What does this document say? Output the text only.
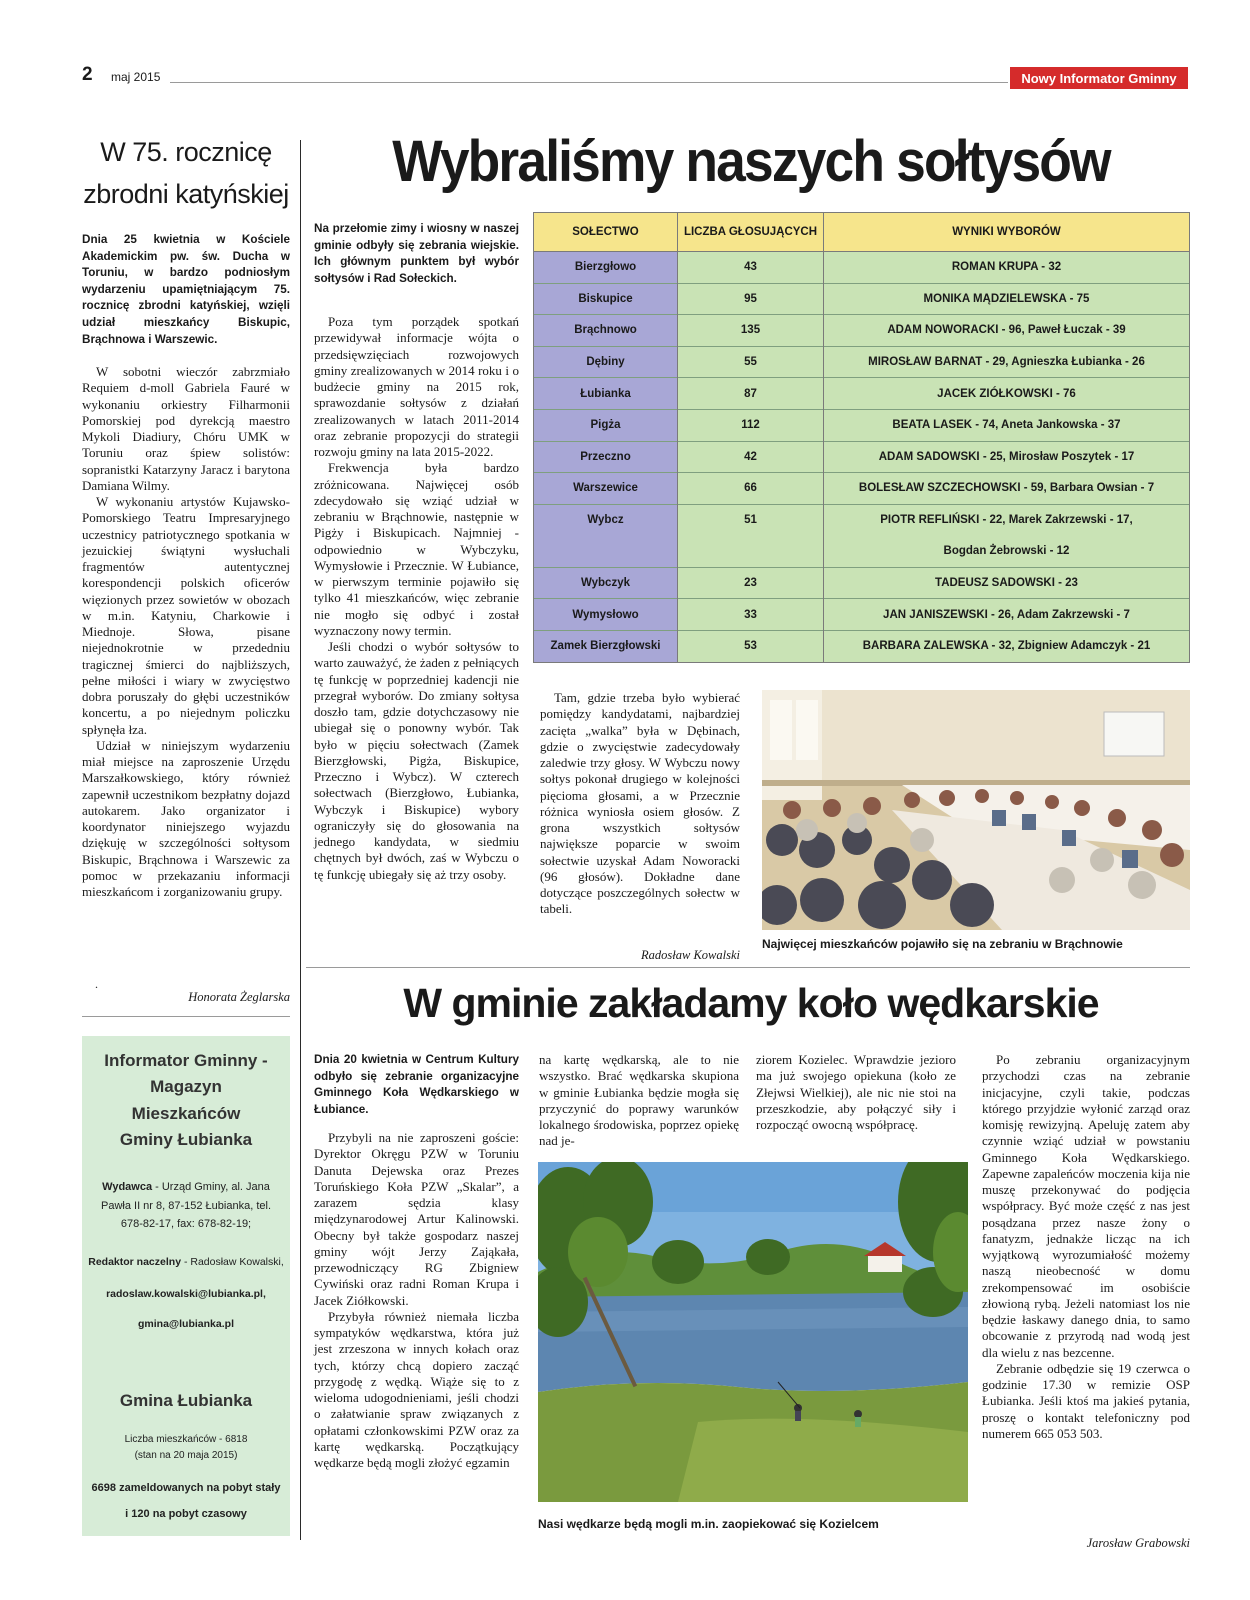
2 maj 2015	Nowy Informator Gminny
W 75. rocznicę
zbrodni katyńskiej
Dnia 25 kwietnia w Kościele Akademickim pw. św. Ducha w Toruniu, w bardzo podniosłym wydarzeniu upamiętniającym 75. rocznicę zbrodni katyńskiej, wzięli udział mieszkańcy Biskupic, Brąchnowa i Warszewic.

W sobotni wieczór zabrzmiało Requiem d-moll Gabriela Fauré w wykonaniu orkiestry Filharmonii Pomorskiej pod dyrekcją maestro Mykoli Diadiury, Chóru UMK w Toruniu oraz śpiew solistów: sopranistki Katarzyny Jaracz i barytona Damiana Wilmy.

W wykonaniu artystów Kujawsko-Pomorskiego Teatru Impresaryjnego uczestnicy patriotycznego spotkania w jezuickiej świątyni wysłuchali fragmentów autentycznej korespondencji polskich oficerów więzionych przez sowietów w obozach w m.in. Katyniu, Charkowie i Miednoje. Słowa, pisane niejednokrotnie w przededniu tragicznej śmierci do najbliższych, pełne miłości i wiary w zwycięstwo dobra poruszały do głębi uczestników koncertu, a po niejednym policzku spłynęła łza.

Udział w niniejszym wydarzeniu miał miejsce na zaproszenie Urzędu Marszałkowskiego, który również zapewnił uczestnikom bezpłatny dojazd autokarem. Jako organizator i koordynator niniejszego wyjazdu dziękuję w szczególności sołtysom Biskupic, Brąchnowa i Warszewic za pomoc w przekazaniu informacji mieszkańcom i zorganizowaniu grupy.

.
Honorata Żeglarska
Informator Gminny -
Magazyn
Mieszkańców
Gminy Łubianka
Wydawca - Urząd Gminy, al. Jana Pawła II nr 8, 87-152 Łubianka, tel. 678-82-17, fax: 678-82-19;
Redaktor naczelny - Radosław Kowalski,
radoslaw.kowalski@lubianka.pl,
gmina@lubianka.pl
Gmina Łubianka
Liczba mieszkańców - 6818
(stan na 20 maja 2015)
6698 zameldowanych na pobyt stały
i 120 na pobyt czasowy
Wybraliśmy naszych sołtysów
Na przełomie zimy i wiosny w naszej gminie odbyły się zebrania wiejskie. Ich głównym punktem był wybór sołtysów i Rad Sołeckich.

Poza tym porządek spotkań przewidywał informacje wójta o przedsięwzięciach rozwojowych gminy zrealizowanych w 2014 roku i o budżecie gminy na 2015 rok, sprawozdanie sołtysów z działań zrealizowanych w latach 2011-2014 oraz zebranie propozycji do strategii rozwoju gminy na lata 2015-2022.

Frekwencja była bardzo zróżnicowana. Najwięcej osób zdecydowało się wziąć udział w zebraniu w Brąchnowie, następnie w Pigży i Biskupicach. Najmniej - odpowiednio w Wybczyku, Wymysłowie i Przecznie. W Łubiance, w pierwszym terminie pojawiło się tylko 41 mieszkańców, więc zebranie nie mogło się odbyć i został wyznaczony nowy termin.

Jeśli chodzi o wybór sołtysów to warto zauważyć, że żaden z pełniących tę funkcję w poprzedniej kadencji nie przegrał wyborów. Do zmiany sołtysa doszło tam, gdzie dotychczasowy nie ubiegał się o ponowny wybór. Tak było w pięciu sołectwach (Zamek Bierzgłowski, Pigża, Biskupice, Przeczno i Wybcz). W czterech sołectwach (Bierzgłowo, Łubianka, Wybczyk i Biskupice) wybory ograniczyły się do głosowania na jednego kandydata, w siedmiu chętnych był dwóch, zaś w Wybczu o tę funkcję ubiegały się aż trzy osoby.

SOŁECTWO	LICZBA GŁOSUJĄCYCH	WYNIKI WYBORÓW
Bierzgłowo	43	ROMAN KRUPA - 32
Biskupice	95	MONIKA MĄDZIELEWSKA - 75
Brąchnowo	135	ADAM NOWORACKI - 96, Paweł Łuczak - 39
Dębiny	55	MIROSŁAW BARNAT - 29, Agnieszka Łubianka - 26
Łubianka	87	JACEK ZIÓŁKOWSKI - 76
Pigża	112	BEATA LASEK - 74, Aneta Jankowska - 37
Przeczno	42	ADAM SADOWSKI - 25, Mirosław Poszytek - 17
Warszewice	66	BOLESŁAW SZCZECHOWSKI - 59, Barbara Owsian - 7
Wybcz	51	PIOTR REFLIŃSKI - 22, Marek Zakrzewski - 17,
Bogdan Żebrowski - 12

Wybczyk	23	TADEUSZ SADOWSKI - 23
Wymysłowo	33	JAN JANISZEWSKI - 26, Adam Zakrzewski - 7
Zamek Bierzgłowski	53	BARBARA ZALEWSKA - 32, Zbigniew Adamczyk - 21

Tam, gdzie trzeba było wybierać pomiędzy kandydatami, najbardziej zacięta „walka” była w Dębinach, gdzie o zwycięstwie zadecydowały zaledwie trzy głosy. W Wybczu nowy sołtys pokonał drugiego w kolejności pięcioma głosami, a w Przecznie różnica wyniosła osiem głosów. Z grona wszystkich sołtysów największe poparcie w swoim sołectwie uzyskał Adam Noworacki (96 głosów). Dokładne dane dotyczące poszczególnych sołectw w tabeli.

Radosław Kowalski
Najwięcej mieszkańców pojawiło się na zebraniu w Brąchnowie
W gminie zakładamy koło wędkarskie
Dnia 20 kwietnia w Centrum Kultury odbyło się zebranie organizacyjne Gminnego Koła Wędkarskiego w Łubiance.

Przybyli na nie zaproszeni goście: Dyrektor Okręgu PZW w Toruniu Danuta Dejewska oraz Prezes Toruńskiego Koła PZW „Skalar”, a zarazem sędzia klasy międzynarodowej Artur Kalinowski. Obecny był także gospodarz naszej gminy wójt Jerzy Zająkała, przewodniczący RG Zbigniew Cywiński oraz radni Roman Krupa i Jacek Ziółkowski.

Przybyła również niemała liczba sympatyków wędkarstwa, która już jest zrzeszona w innych kołach oraz tych, którzy chcą dopiero zacząć przygodę z wędką. Wiąże się to z wieloma udogodnieniami, jeśli chodzi o załatwianie spraw związanych z opłatami członkowskimi PZW oraz za kartę wędkarską. Początkujący wędkarze będą mogli złożyć egzamin

na kartę wędkarską, ale to nie wszystko. Brać wędkarska skupiona w gminie Łubianka będzie mogła się przyczynić do poprawy warunków lokalnego środowiska, poprzez opiekę nad je-
ziorem Kozielec. Wprawdzie jezioro ma już swojego opiekuna (koło ze Złejwsi Wielkiej), ale nic nie stoi na przeszkodzie, aby połączyć siły i rozpocząć owocną współpracę.

Po zebraniu organizacyjnym przychodzi czas na zebranie inicjacyjne, czyli takie, podczas którego przyjdzie wyłonić zarząd oraz komisję rewizyjną. Apeluję zatem aby czynnie wziąć udział w powstaniu Gminnego Koła Wędkarskiego. Zapewne zapaleńców moczenia kija nie muszę przekonywać do podjęcia współpracy. Być może część z nas jest posądzana przez nasze żony o fanatyzm, jednakże licząc na ich wyjątkową wyrozumiałość możemy naszą nieobecność w domu zrekompensować im osobiście złowioną rybą. Jeżeli natomiast los nie będzie łaskawy danego dnia, to samo obcowanie z przyrodą nad wodą jest dla wielu z nas bezcenne.

Zebranie odbędzie się 19 czerwca o godzinie 17.30 w remizie OSP Łubianka. Jeśli ktoś ma jakieś pytania, proszę o kontakt telefoniczny pod numerem 665 053 503.

Jarosław Grabowski
Nasi wędkarze będą mogli m.in. zaopiekować się Kozielcem
